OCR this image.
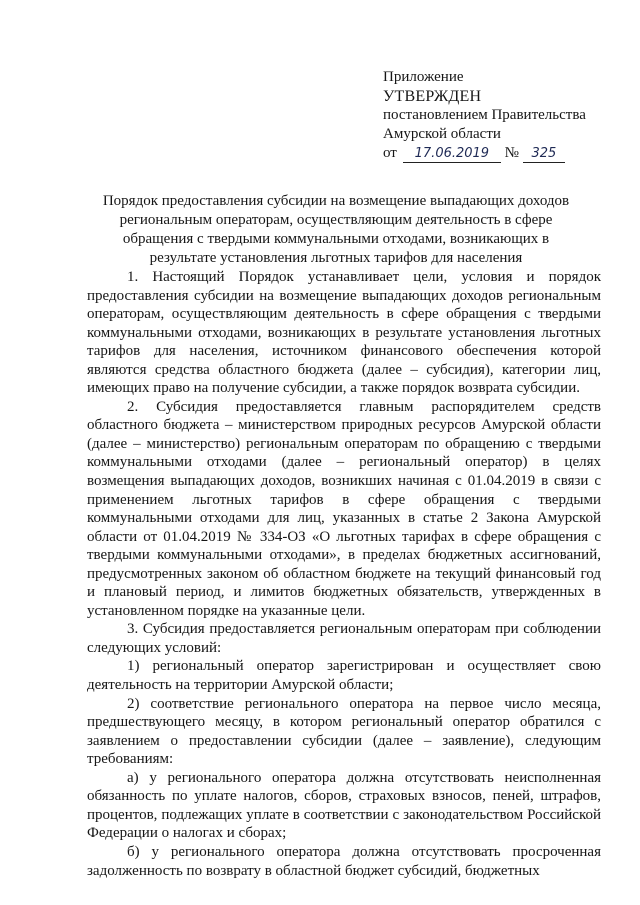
Приложение
УТВЕРЖДЕН
постановлением Правительства
Амурской области
от 17.06.2019 № 325
Порядок предоставления субсидии на возмещение выпадающих доходов региональным операторам, осуществляющим деятельность в сфере обращения с твердыми коммунальными отходами, возникающих в результате установления льготных тарифов для населения

1. Настоящий Порядок устанавливает цели, условия и порядок предоставления субсидии на возмещение выпадающих доходов региональным операторам, осуществляющим деятельность в сфере обращения с твердыми коммунальными отходами, возникающих в результате установления льготных тарифов для населения, источником финансового обеспечения которой являются средства областного бюджета (далее – субсидия), категории лиц, имеющих право на получение субсидии, а также порядок возврата субсидии.

2. Субсидия предоставляется главным распорядителем средств областного бюджета – министерством природных ресурсов Амурской области (далее – министерство) региональным операторам по обращению с твердыми коммунальными отходами (далее – региональный оператор) в целях возмещения выпадающих доходов, возникших начиная с 01.04.2019 в связи с применением льготных тарифов в сфере обращения с твердыми коммунальными отходами для лиц, указанных в статье 2 Закона Амурской области от 01.04.2019 № 334-ОЗ «О льготных тарифах в сфере обращения с твердыми коммунальными отходами», в пределах бюджетных ассигнований, предусмотренных законом об областном бюджете на текущий финансовый год и плановый период, и лимитов бюджетных обязательств, утвержденных в установленном порядке на указанные цели.

3. Субсидия предоставляется региональным операторам при соблюдении следующих условий:

1) региональный оператор зарегистрирован и осуществляет свою деятельность на территории Амурской области;

2) соответствие регионального оператора на первое число месяца, предшествующего месяцу, в котором региональный оператор обратился с заявлением о предоставлении субсидии (далее – заявление), следующим требованиям:

а) у регионального оператора должна отсутствовать неисполненная обязанность по уплате налогов, сборов, страховых взносов, пеней, штрафов, процентов, подлежащих уплате в соответствии с законодательством Российской Федерации о налогах и сборах;

б) у регионального оператора должна отсутствовать просроченная задолженность по возврату в областной бюджет субсидий, бюджетных
